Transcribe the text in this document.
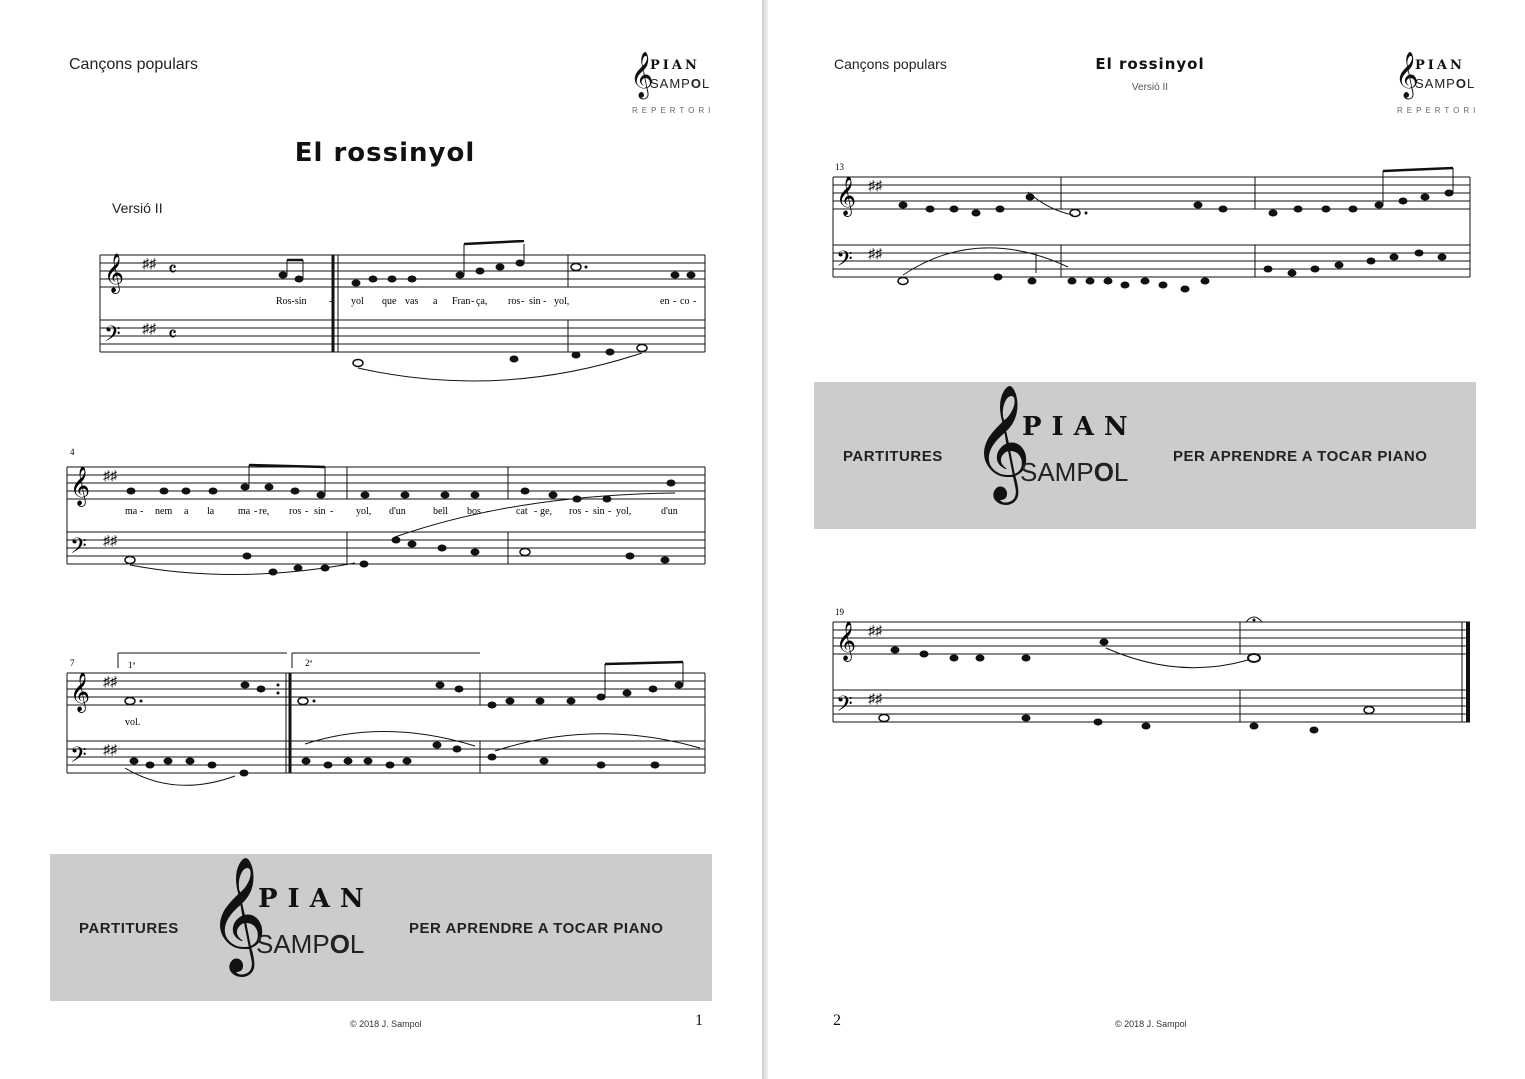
Cançons populars	𝄞
PIAN
SAMPOL
REPERTORI
El rossinyol
Versió II
𝄞
𝄢
♯♯
♯♯
𝄴
𝄴
Ros-sin - yol que vas a Fran - ça, ros - sin - yol,	en - co -
4
𝄞
𝄢
♯♯
♯♯
ma - nem a la ma - re, ros - sin - yol, d'un	bell bos -	cat - ge, ros - sin - yol,	d'un
7	1ª	2ª
𝄞
𝄢
♯♯
♯♯
vol.
PARTITURES 𝄞
PIAN
SAMPOL
PER APRENDRE A TOCAR PIANO
© 2018 J. Sampol	1
Cançons populars	El rossinyol
Versió II	𝄞
PIAN
SAMPOL
REPERTORI
13
𝄞
𝄢
♯♯
♯♯
PARTITURES 𝄞
PIAN
SAMPOL
PER APRENDRE A TOCAR PIANO
19
𝄞
𝄢
♯♯
♯♯
2	© 2018 J. Sampol
